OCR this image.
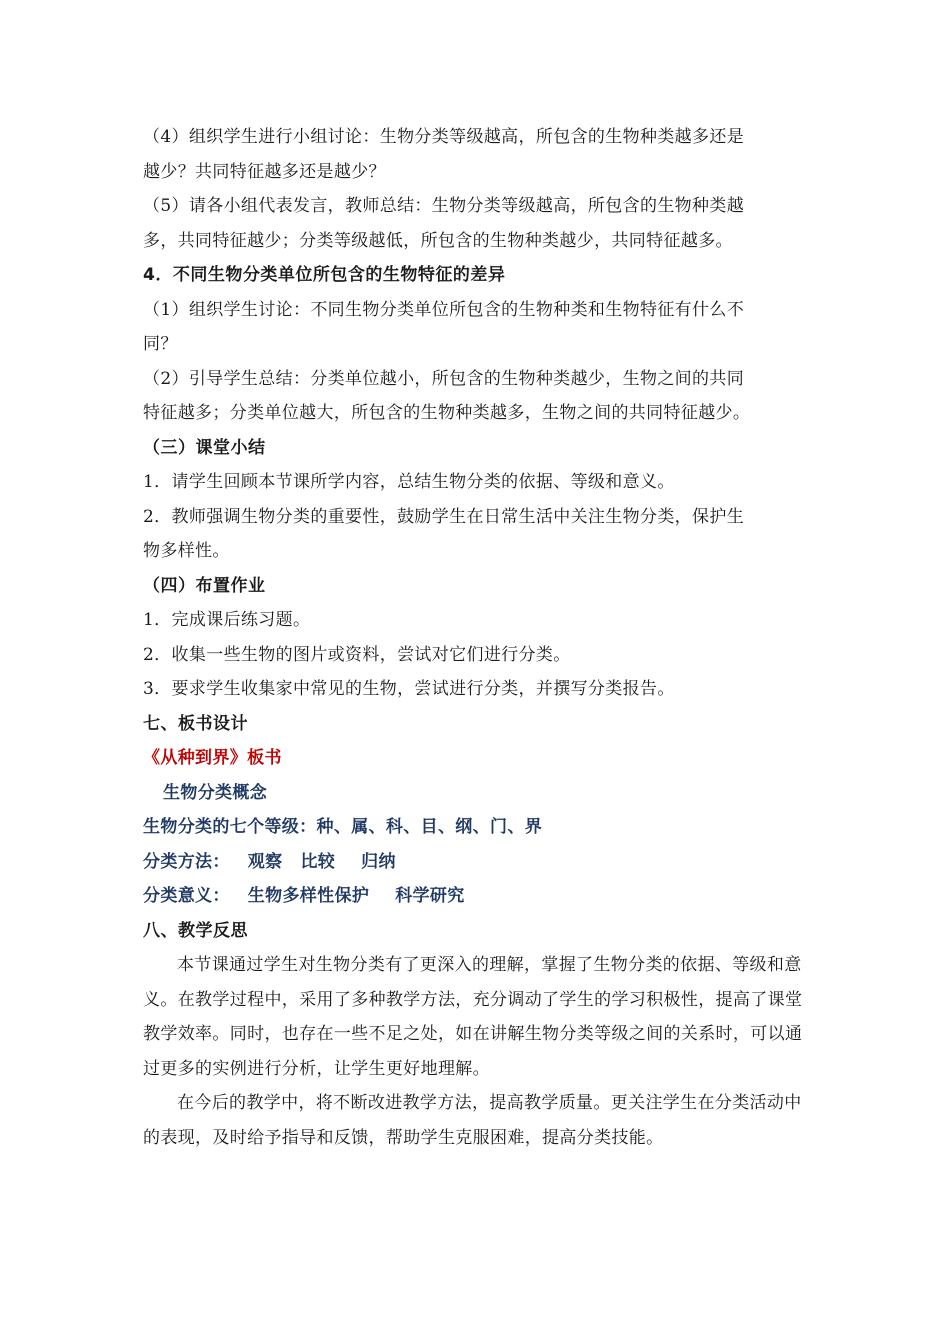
（4）组织学生进行小组讨论：生物分类等级越高，所包含的生物种类越多还是
越少？共同特征越多还是越少？
（5）请各小组代表发言，教师总结：生物分类等级越高，所包含的生物种类越
多，共同特征越少；分类等级越低，所包含的生物种类越少，共同特征越多。
4．不同生物分类单位所包含的生物特征的差异
（1）组织学生讨论：不同生物分类单位所包含的生物种类和生物特征有什么不
同？
（2）引导学生总结：分类单位越小，所包含的生物种类越少，生物之间的共同
特征越多；分类单位越大，所包含的生物种类越多，生物之间的共同特征越少。
（三）课堂小结
1．请学生回顾本节课所学内容，总结生物分类的依据、等级和意义。
2．教师强调生物分类的重要性，鼓励学生在日常生活中关注生物分类，保护生
物多样性。
（四）布置作业
1．完成课后练习题。
2．收集一些生物的图片或资料，尝试对它们进行分类。
3．要求学生收集家中常见的生物，尝试进行分类，并撰写分类报告。
七、板书设计
《从种到界》板书
生物分类概念
生物分类的七个等级：种、属、科、目、纲、门、界
分类方法： 观察 比较 归纳
分类意义： 生物多样性保护 科学研究
八、教学反思
本节课通过学生对生物分类有了更深入的理解，掌握了生物分类的依据、等级和意义。在教学过程中，采用了多种教学方法，充分调动了学生的学习积极性，提高了课堂教学效率。同时，也存在一些不足之处，如在讲解生物分类等级之间的关系时，可以通过更多的实例进行分析，让学生更好地理解。
在今后的教学中，将不断改进教学方法，提高教学质量。更关注学生在分类活动中的表现，及时给予指导和反馈，帮助学生克服困难，提高分类技能。
